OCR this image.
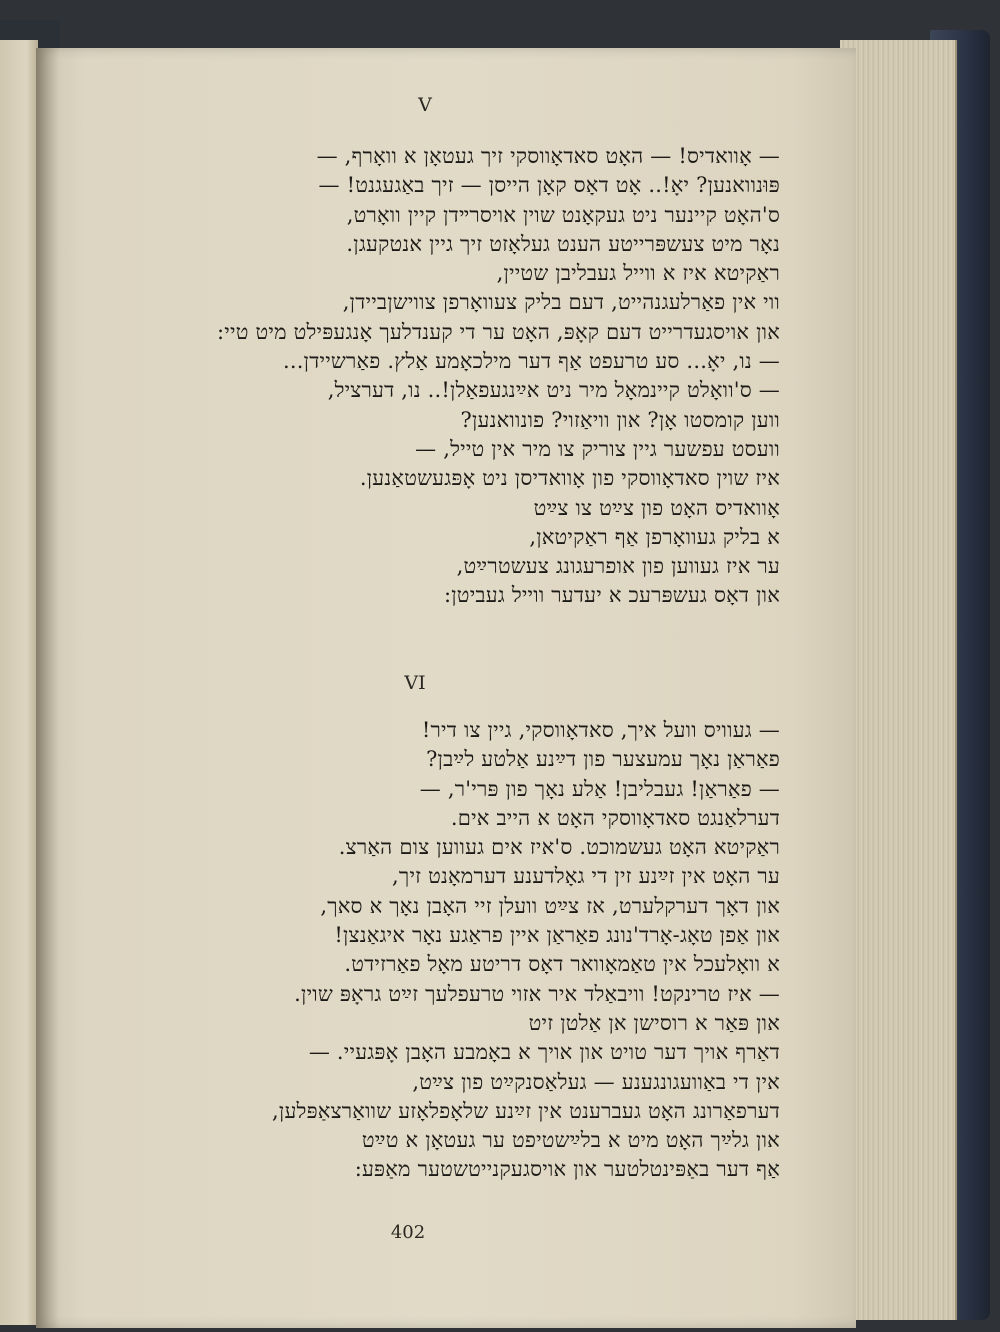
V
— אָוואדיס! — האָט סאדאָווסקי זיך געטאָן א וואָרף, —
פּוּנוואנען? יאָ!.. אָט דאָס קאָן הייסן — זיך באַגעגנט! —
ס'האָט קיינער ניט געקאָנט שוין אויסרײדן קיין וואָרט,
נאָר מיט צעשפּרייטע הענט געלאָזט זיך גיין אנטקעגן.
ראַקיטא איז א ווייל געבליבן שטיין,
ווי אין פאַרלעגנהייט, דעם בליק צעוואָרפן צווישןביידן,
און אויסגעדרייט דעם קאָפּ, האָט ער די קענדלעך אָנגעפּילט מיט טיי:
— נו, יאָ... סע טרעפט אַף דער מילכאָמע אַלץ. פאַרשיידן...
— ס'וואָלט קיינמאָל מיר ניט אײַנגעפאַלן!.. נו, דערציל,
ווען קומסטו אָן? און וויאַזוי? פונוואנען?
וועסט עפשער גיין צוריק צו מיר אין טייל, —
איז שוין סאדאָווסקי פון אָוואדיסן ניט אָפּגעשטאַנען.
אָוואדיס האָט פון צײַט צו צײַט
א בליק געוואָרפן אַף ראַקיטאן,
ער איז געווען פון אופרעגונג צעשטרײַט,
און דאָס געשפּרעכ א יעדער ווייל געביטן:
VI
— געוויס וועל איך, סאדאָווסקי, גיין צו דיר!
פאַראַן נאָך עמעצער פון דײַנע אַלטע לײַבן?
— פאַראַן! געבליבן! אַלע נאָך פון פּרי'ר, —
דערלאַנגט סאדאָווסקי האָט א הייב אים.
ראַקיטא האָט געשמוכט. ס'איז אים געווען צום האַרצ.
ער האָט אין זײַנע זין די גאָלדענע דערמאָנט זיך,
און דאָך דערקלערט, אז צײַט וועלן זיי האָבן נאָך א סאך,
און אַפן טאָג-אָרד'נונג פאַראַן איין פראַגע נאָר איגאַנצן!
א וואָלעכל אין טאַמאָוואר דאָס דריטע מאָל פאַרזידט.
— איז טרינקט! וויבאַלד איר אזוי טרעפלעך זײַט גראָפּ שוין.
און פּאַר א רוסישן אן אַלטן זיט
דאַרף אויך דער טויט און אויך א באָמבע האָבן אָפּגעיי. —
אין די באַוועגונגענע — געלאַסנקײַט פון צײַט,
דערפאַרונג האָט געברענט אין זײַנע שלאָפלאָזע שוואַרצאַפּלען,
און גלײַך האָט מיט א בלײַשטיפט ער געטאָן א טײַט
אַף דער באַפּינטלטער און אויסגעקנייטשטער מאַפּע:
402
